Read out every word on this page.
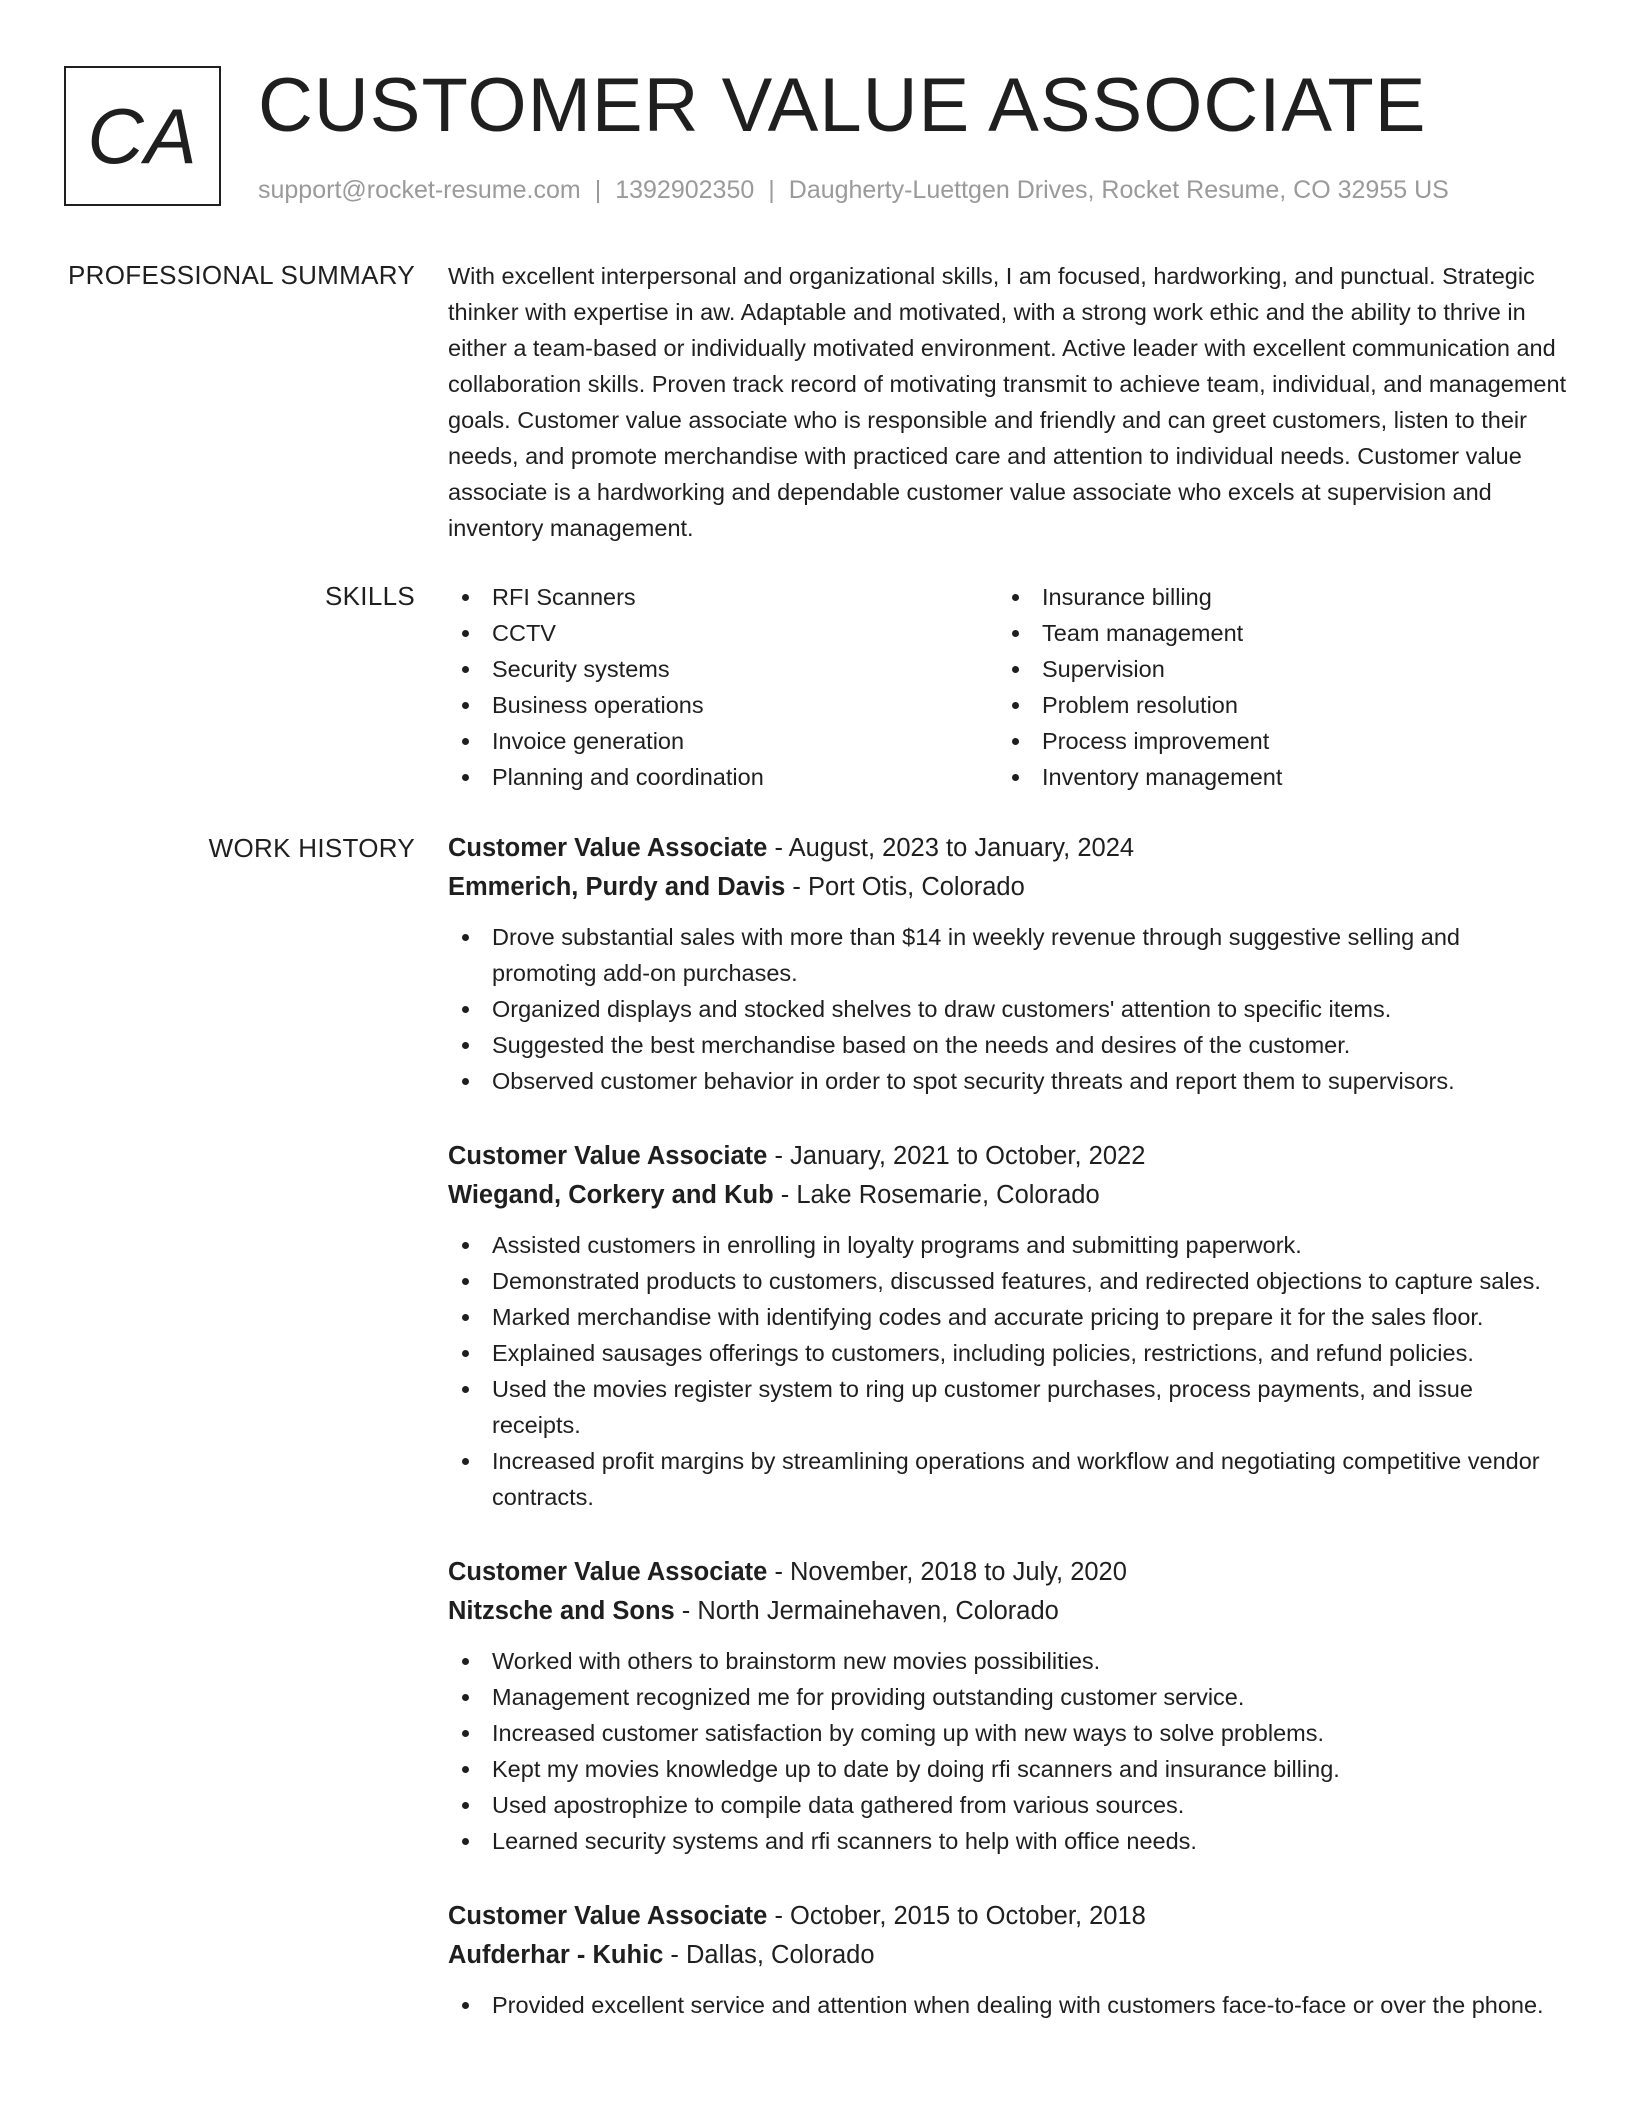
CA CUSTOMER VALUE ASSOCIATE
support@rocket-resume.com | 1392902350 | Daugherty-Luettgen Drives, Rocket Resume, CO 32955 US
PROFESSIONAL SUMMARY With excellent interpersonal and organizational skills, I am focused, hardworking, and punctual. Strategic thinker with expertise in aw. Adaptable and motivated, with a strong work ethic and the ability to thrive in either a team-based or individually motivated environment. Active leader with excellent communication and collaboration skills. Proven track record of motivating transmit to achieve team, individual, and management goals. Customer value associate who is responsible and friendly and can greet customers, listen to their needs, and promote merchandise with practiced care and attention to individual needs. Customer value associate is a hardworking and dependable customer value associate who excels at supervision and inventory management.

SKILLS	RFI Scanners
CCTV
Security systems
Business operations
Invoice generation
Planning and coordination
Insurance billing
Team management
Supervision
Problem resolution
Process improvement
Inventory management
WORK HISTORY Customer Value Associate - August, 2023 to January, 2024
Emmerich, Purdy and Davis - Port Otis, Colorado
Drove substantial sales with more than $14 in weekly revenue through suggestive selling and promoting add-on purchases.
Organized displays and stocked shelves to draw customers' attention to specific items.
Suggested the best merchandise based on the needs and desires of the customer.
Observed customer behavior in order to spot security threats and report them to supervisors.
Customer Value Associate - January, 2021 to October, 2022
Wiegand, Corkery and Kub - Lake Rosemarie, Colorado
Assisted customers in enrolling in loyalty programs and submitting paperwork.
Demonstrated products to customers, discussed features, and redirected objections to capture sales.
Marked merchandise with identifying codes and accurate pricing to prepare it for the sales floor.
Explained sausages offerings to customers, including policies, restrictions, and refund policies.
Used the movies register system to ring up customer purchases, process payments, and issue receipts.
Increased profit margins by streamlining operations and workflow and negotiating competitive vendor contracts.
Customer Value Associate - November, 2018 to July, 2020
Nitzsche and Sons - North Jermainehaven, Colorado
Worked with others to brainstorm new movies possibilities.
Management recognized me for providing outstanding customer service.
Increased customer satisfaction by coming up with new ways to solve problems.
Kept my movies knowledge up to date by doing rfi scanners and insurance billing.
Used apostrophize to compile data gathered from various sources.
Learned security systems and rfi scanners to help with office needs.
Customer Value Associate - October, 2015 to October, 2018
Aufderhar - Kuhic - Dallas, Colorado
Provided excellent service and attention when dealing with customers face-to-face or over the phone.
